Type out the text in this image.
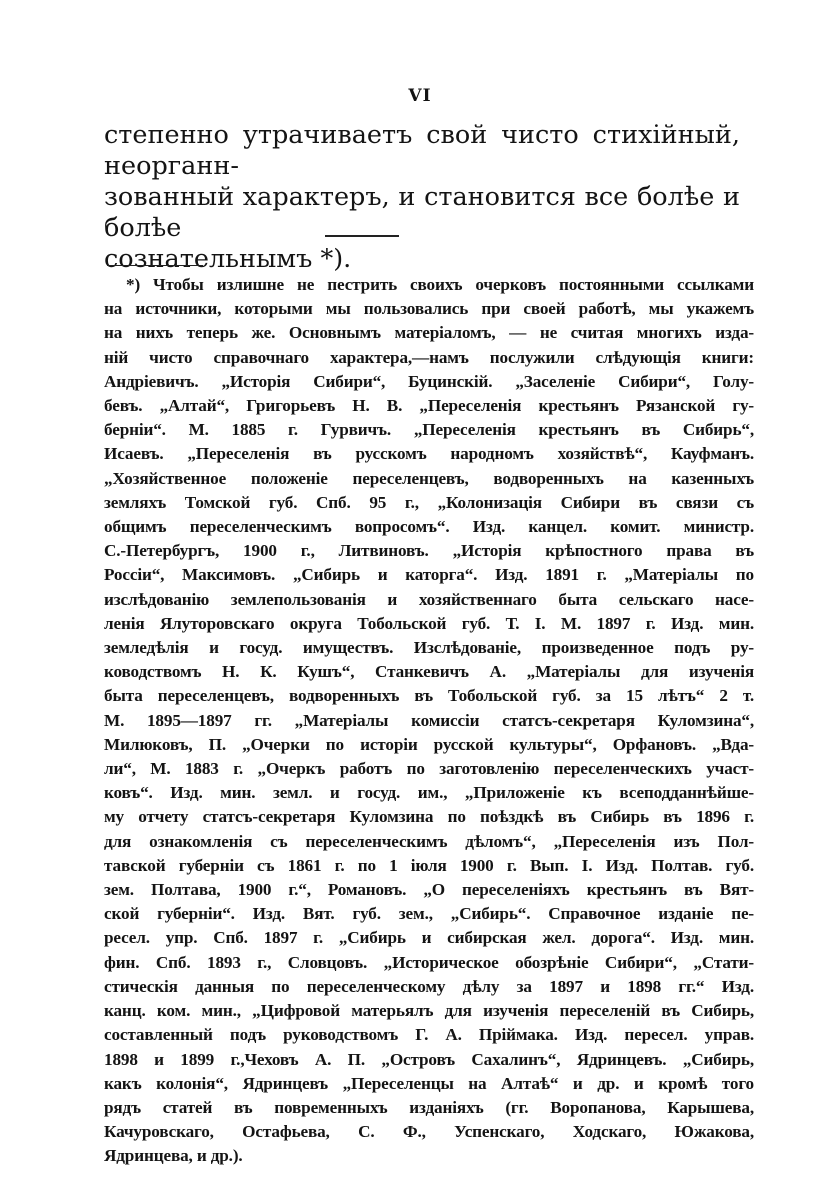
VI

степенно утрачиваетъ свой чисто стихійный, неорганн-
зованный характеръ, и становится все болѣе и болѣе
сознательнымъ *).

*) Чтобы излишне не пестрить своихъ очерковъ постоянными ссылками
на источники, которыми мы пользовались при своей работѣ, мы укажемъ
на нихъ теперь же. Основнымъ матеріаломъ, — не считая многихъ изда-
ній чисто справочнаго характера,—намъ послужили слѣдующія книги:
Андріевичъ. „Исторія Сибири“, Буцинскій. „Заселеніе Сибири“, Голу-
бевъ. „Алтай“, Григорьевъ Н. В. „Переселенія крестьянъ Рязанской гу-
берніи“. М. 1885 г. Гурвичъ. „Переселенія крестьянъ въ Сибирь“,
Исаевъ. „Переселенія въ русскомъ народномъ хозяйствѣ“, Кауфманъ.
„Хозяйственное положеніе переселенцевъ, водворенныхъ на казенныхъ
земляхъ Томской губ. Спб. 95 г., „Колонизація Сибири въ связи съ
общимъ переселенческимъ вопросомъ“. Изд. канцел. комит. министр.
С.-Петербургъ, 1900 г., Литвиновъ. „Исторія крѣпостного права въ
Россіи“, Максимовъ. „Сибирь и каторга“. Изд. 1891 г. „Матеріалы по
изслѣдованію землепользованія и хозяйственнаго быта сельскаго насе-
ленія Ялуторовскаго округа Тобольской губ. Т. I. М. 1897 г. Изд. мин.
земледѣлія и госуд. имуществъ. Изслѣдованіе, произведенное подъ ру-
ководствомъ Н. К. Кушъ“, Станкевичъ А. „Матеріалы для изученія
быта переселенцевъ, водворенныхъ въ Тобольской губ. за 15 лѣтъ“ 2 т.
М. 1895—1897 гг. „Матеріалы комиссіи статсъ-секретаря Куломзина“,
Милюковъ, П. „Очерки по исторіи русской культуры“, Орфановъ. „Вда-
ли“, М. 1883 г. „Очеркъ работъ по заготовленію переселенческихъ участ-
ковъ“. Изд. мин. земл. и госуд. им., „Приложеніе къ всеподданнѣйше-
му отчету статсъ-секретаря Куломзина по поѣздкѣ въ Сибирь въ 1896 г.
для ознакомленія съ переселенческимъ дѣломъ“, „Переселенія изъ Пол-
тавской губерніи съ 1861 г. по 1 іюля 1900 г. Вып. I. Изд. Полтав. губ.
зем. Полтава, 1900 г.“, Романовъ. „О переселеніяхъ крестьянъ въ Вят-
ской губерніи“. Изд. Вят. губ. зем., „Сибирь“. Справочное изданіе пе-
ресел. упр. Спб. 1897 г. „Сибирь и сибирская жел. дорога“. Изд. мин.
фин. Спб. 1893 г., Словцовъ. „Историческое обозрѣніе Сибири“, „Стати-
стическія данныя по переселенческому дѣлу за 1897 и 1898 гг.“ Изд.
канц. ком. мин., „Цифровой матерьялъ для изученія переселеній въ Сибирь,
составленный подъ руководствомъ Г. А. Пріймака. Изд. пересел. управ.
1898 и 1899 г.,Чеховъ А. П. „Островъ Сахалинъ“, Ядринцевъ. „Сибирь,
какъ колонія“, Ядринцевъ „Переселенцы на Алтаѣ“ и др. и кромѣ того
рядъ статей въ повременныхъ изданіяхъ (гг. Воропанова, Карышева,
Качуровскаго, Остафьева, С. Ф., Успенскаго, Ходскаго, Южакова,
Ядринцева, и др.).
